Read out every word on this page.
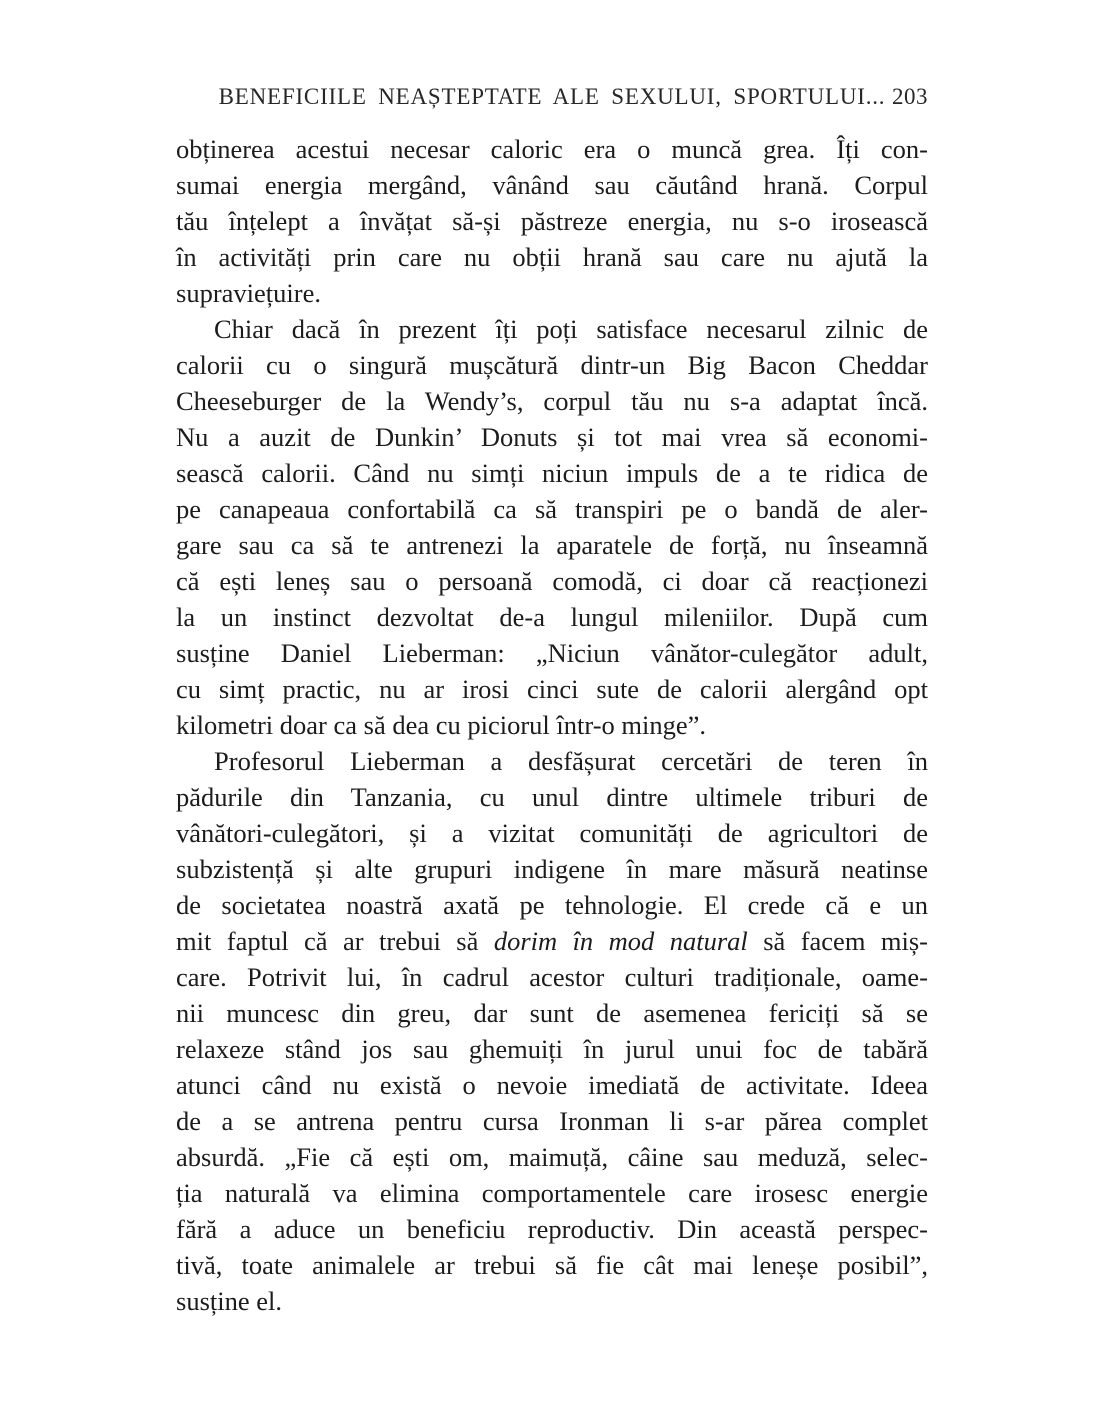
BENEFICIILE NEAȘTEPTATE ALE SEXULUI, SPORTULUI... 203
obținerea acestui necesar caloric era o muncă grea. Îți con-
sumai energia mergând, vânând sau căutând hrană. Corpul
tău înțelept a învățat să-și păstreze energia, nu s-o irosească
în activități prin care nu obții hrană sau care nu ajută la
supraviețuire.
Chiar dacă în prezent îți poți satisface necesarul zilnic de
calorii cu o singură mușcătură dintr-un Big Bacon Cheddar
Cheeseburger de la Wendy’s, corpul tău nu s-a adaptat încă.
Nu a auzit de Dunkin’ Donuts și tot mai vrea să economi-
sească calorii. Când nu simți niciun impuls de a te ridica de
pe canapeaua confortabilă ca să transpiri pe o bandă de aler-
gare sau ca să te antrenezi la aparatele de forță, nu înseamnă
că ești leneș sau o persoană comodă, ci doar că reacționezi
la un instinct dezvoltat de-a lungul mileniilor. După cum
susține Daniel Lieberman: „Niciun vânător-culegător adult,
cu simț practic, nu ar irosi cinci sute de calorii alergând opt
kilometri doar ca să dea cu piciorul într-o minge”.
Profesorul Lieberman a desfășurat cercetări de teren în
pădurile din Tanzania, cu unul dintre ultimele triburi de
vânători-culegători, și a vizitat comunități de agricultori de
subzistență și alte grupuri indigene în mare măsură neatinse
de societatea noastră axată pe tehnologie. El crede că e un
mit faptul că ar trebui să dorim în mod natural să facem miș-
care. Potrivit lui, în cadrul acestor culturi tradiționale, oame-
nii muncesc din greu, dar sunt de asemenea fericiți să se
relaxeze stând jos sau ghemuiți în jurul unui foc de tabără
atunci când nu există o nevoie imediată de activitate. Ideea
de a se antrena pentru cursa Ironman li s-ar părea complet
absurdă. „Fie că ești om, maimuță, câine sau meduză, selec-
ția naturală va elimina comportamentele care irosesc energie
fără a aduce un beneficiu reproductiv. Din această perspec-
tivă, toate animalele ar trebui să fie cât mai leneșe posibil”,
susține el.
